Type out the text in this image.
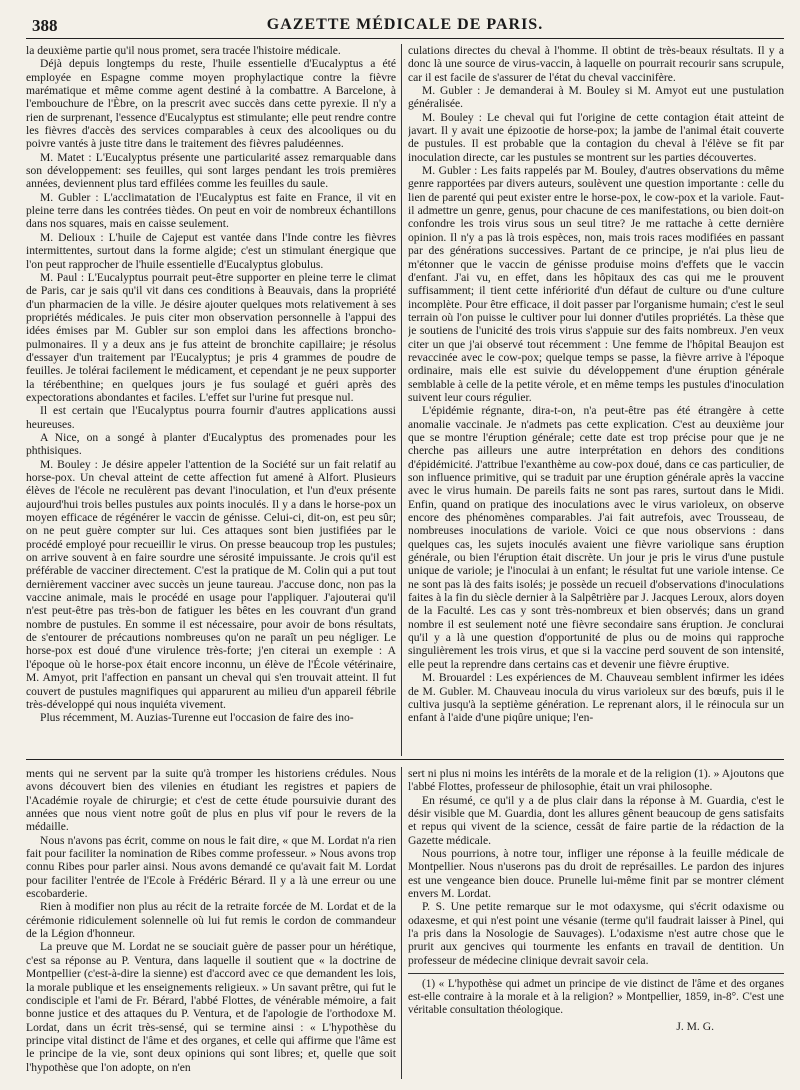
388	GAZETTE MÉDICALE DE PARIS.

la deuxième partie qu'il nous promet, sera tracée l'histoire médicale.

Déjà depuis longtemps du reste, l'huile essentielle d'Eucalyptus a été employée en Espagne comme moyen prophylactique contre la fièvre marématique et même comme agent destiné à la combattre. A Barcelone, à l'embouchure de l'Èbre, on la prescrit avec succès dans cette pyrexie. Il n'y a rien de surprenant, l'essence d'Eucalyptus est stimulante; elle peut rendre contre les fièvres d'accès des services comparables à ceux des alcooliques ou du poivre vantés à juste titre dans le traitement des fièvres paludéennes.

M. Matet : L'Eucalyptus présente une particularité assez remarquable dans son développement: ses feuilles, qui sont larges pendant les trois premières années, deviennent plus tard effilées comme les feuilles du saule.

M. Gubler : L'acclimatation de l'Eucalyptus est faite en France, il vit en pleine terre dans les contrées tièdes. On peut en voir de nombreux échantillons dans nos squares, mais en caisse seulement.

M. Delioux : L'huile de Cajeput est vantée dans l'Inde contre les fièvres intermittentes, surtout dans la forme algide; c'est un stimulant énergique que l'on peut rapprocher de l'huile essentielle d'Eucalyptus globulus.

M. Paul : L'Eucalyptus pourrait peut-être supporter en pleine terre le climat de Paris, car je sais qu'il vit dans ces conditions à Beauvais, dans la propriété d'un pharmacien de la ville. Je désire ajouter quelques mots relativement à ses propriétés médicales. Je puis citer mon observation personnelle à l'appui des idées émises par M. Gubler sur son emploi dans les affections broncho-pulmonaires. Il y a deux ans je fus atteint de bronchite capillaire; je résolus d'essayer d'un traitement par l'Eucalyptus; je pris 4 grammes de poudre de feuilles. Je tolérai facilement le médicament, et cependant je ne peux supporter la térébenthine; en quelques jours je fus soulagé et guéri après des expectorations abondantes et faciles. L'effet sur l'urine fut presque nul.

Il est certain que l'Eucalyptus pourra fournir d'autres applications aussi heureuses.

A Nice, on a songé à planter d'Eucalyptus des promenades pour les phthisiques.

M. Bouley : Je désire appeler l'attention de la Société sur un fait relatif au horse-pox. Un cheval atteint de cette affection fut amené à Alfort. Plusieurs élèves de l'école ne reculèrent pas devant l'inoculation, et l'un d'eux présente aujourd'hui trois belles pustules aux points inoculés. Il y a dans le horse-pox un moyen efficace de régénérer le vaccin de génisse. Celui-ci, dit-on, est peu sûr; on ne peut guère compter sur lui. Ces attaques sont bien justifiées par le procédé employé pour recueillir le virus. On presse beaucoup trop les pustules; on arrive souvent à en faire sourdre une sérosité impuissante. Je crois qu'il est préférable de vacciner directement. C'est la pratique de M. Colin qui a put tout dernièrement vacciner avec succès un jeune taureau. J'accuse donc, non pas la vaccine animale, mais le procédé en usage pour l'appliquer. J'ajouterai qu'il n'est peut-être pas très-bon de fatiguer les bêtes en les couvrant d'un grand nombre de pustules. En somme il est nécessaire, pour avoir de bons résultats, de s'entourer de précautions nombreuses qu'on ne paraît un peu négliger. Le horse-pox est doué d'une virulence très-forte; j'en citerai un exemple : A l'époque où le horse-pox était encore inconnu, un élève de l'École vétérinaire, M. Amyot, prit l'affection en pansant un cheval qui s'en trouvait atteint. Il fut couvert de pustules magnifiques qui apparurent au milieu d'un appareil fébrile très-développé qui nous inquiéta vivement.

Plus récemment, M. Auzias-Turenne eut l'occasion de faire des ino-

culations directes du cheval à l'homme. Il obtint de très-beaux résultats. Il y a donc là une source de virus-vaccin, à laquelle on pourrait recourir sans scrupule, car il est facile de s'assurer de l'état du cheval vaccinifère.

M. Gubler : Je demanderai à M. Bouley si M. Amyot eut une pustulation généralisée.

M. Bouley : Le cheval qui fut l'origine de cette contagion était atteint de javart. Il y avait une épizootie de horse-pox; la jambe de l'animal était couverte de pustules. Il est probable que la contagion du cheval à l'élève se fit par inoculation directe, car les pustules se montrent sur les parties découvertes.

M. Gubler : Les faits rappelés par M. Bouley, d'autres observations du même genre rapportées par divers auteurs, soulèvent une question importante : celle du lien de parenté qui peut exister entre le horse-pox, le cow-pox et la variole. Faut-il admettre un genre, genus, pour chacune de ces manifestations, ou bien doit-on confondre les trois virus sous un seul titre? Je me rattache à cette dernière opinion. Il n'y a pas là trois espèces, non, mais trois races modifiées en passant par des générations successives. Partant de ce principe, je n'ai plus lieu de m'étonner que le vaccin de génisse produise moins d'effets que le vaccin d'enfant. J'ai vu, en effet, dans les hôpitaux des cas qui me le prouvent suffisamment; il tient cette infériorité d'un défaut de culture ou d'une culture incomplète. Pour être efficace, il doit passer par l'organisme humain; c'est le seul terrain où l'on puisse le cultiver pour lui donner d'utiles propriétés. La thèse que je soutiens de l'unicité des trois virus s'appuie sur des faits nombreux. J'en veux citer un que j'ai observé tout récemment : Une femme de l'hôpital Beaujon est revaccinée avec le cow-pox; quelque temps se passe, la fièvre arrive à l'époque ordinaire, mais elle est suivie du développement d'une éruption générale semblable à celle de la petite vérole, et en même temps les pustules d'inoculation suivent leur cours régulier.

L'épidémie régnante, dira-t-on, n'a peut-être pas été étrangère à cette anomalie vaccinale. Je n'admets pas cette explication. C'est au deuxième jour que se montre l'éruption générale; cette date est trop précise pour que je ne cherche pas ailleurs une autre interprétation en dehors des conditions d'épidémicité. J'attribue l'exanthème au cow-pox doué, dans ce cas particulier, de son influence primitive, qui se traduit par une éruption générale après la vaccine avec le virus humain. De pareils faits ne sont pas rares, surtout dans le Midi. Enfin, quand on pratique des inoculations avec le virus varioleux, on observe encore des phénomènes comparables. J'ai fait autrefois, avec Trousseau, de nombreuses inoculations de variole. Voici ce que nous observions : dans quelques cas, les sujets inoculés avaient une fièvre variolique sans éruption générale, ou bien l'éruption était discrète. Un jour je pris le virus d'une pustule unique de variole; je l'inoculai à un enfant; le résultat fut une variole intense. Ce ne sont pas là des faits isolés; je possède un recueil d'observations d'inoculations faites à la fin du siècle dernier à la Salpêtrière par J. Jacques Leroux, alors doyen de la Faculté. Les cas y sont très-nombreux et bien observés; dans un grand nombre il est seulement noté une fièvre secondaire sans éruption. Je conclurai qu'il y a là une question d'opportunité de plus ou de moins qui rapproche singulièrement les trois virus, et que si la vaccine perd souvent de son intensité, elle peut la reprendre dans certains cas et devenir une fièvre éruptive.

M. Brouardel : Les expériences de M. Chauveau semblent infirmer les idées de M. Gubler. M. Chauveau inocula du virus varioleux sur des bœufs, puis il le cultiva jusqu'à la septième génération. Le reprenant alors, il le réinocula sur un enfant à l'aide d'une piqûre unique; l'en-

ments qui ne servent par la suite qu'à tromper les historiens crédules. Nous avons découvert bien des vilenies en étudiant les registres et papiers de l'Académie royale de chirurgie; et c'est de cette étude poursuivie durant des années que nous vient notre goût de plus en plus vif pour le revers de la médaille.

Nous n'avons pas écrit, comme on nous le fait dire, « que M. Lordat n'a rien fait pour faciliter la nomination de Ribes comme professeur. » Nous avons trop connu Ribes pour parler ainsi. Nous avons demandé ce qu'avait fait M. Lordat pour faciliter l'entrée de l'Ecole à Frédéric Bérard. Il y a là une erreur ou une escobarderie.

Rien à modifier non plus au récit de la retraite forcée de M. Lordat et de la cérémonie ridiculement solennelle où lui fut remis le cordon de commandeur de la Légion d'honneur.

La preuve que M. Lordat ne se souciait guère de passer pour un hérétique, c'est sa réponse au P. Ventura, dans laquelle il soutient que « la doctrine de Montpellier (c'est-à-dire la sienne) est d'accord avec ce que demandent les lois, la morale publique et les enseignements religieux. » Un savant prêtre, qui fut le condisciple et l'ami de Fr. Bérard, l'abbé Flottes, de vénérable mémoire, a fait bonne justice et des attaques du P. Ventura, et de l'apologie de l'orthodoxe M. Lordat, dans un écrit très-sensé, qui se termine ainsi : « L'hypothèse du principe vital distinct de l'âme et des organes, et celle qui affirme que l'âme est le principe de la vie, sont deux opinions qui sont libres; et, quelle que soit l'hypothèse que l'on adopte, on n'en

sert ni plus ni moins les intérêts de la morale et de la religion (1). » Ajoutons que l'abbé Flottes, professeur de philosophie, était un vrai philosophe.

En résumé, ce qu'il y a de plus clair dans la réponse à M. Guardia, c'est le désir visible que M. Guardia, dont les allures gênent beaucoup de gens satisfaits et repus qui vivent de la science, cessât de faire partie de la rédaction de la Gazette médicale.

Nous pourrions, à notre tour, infliger une réponse à la feuille médicale de Montpellier. Nous n'userons pas du droit de représailles. Le pardon des injures est une vengeance bien douce. Prunelle lui-même finit par se montrer clément envers M. Lordat.

P. S. Une petite remarque sur le mot odaxysme, qui s'écrit odaxisme ou odaxesme, et qui n'est point une vésanie (terme qu'il faudrait laisser à Pinel, qui l'a pris dans la Nosologie de Sauvages). L'odaxisme n'est autre chose que le prurit aux gencives qui tourmente les enfants en travail de dentition. Un professeur de médecine clinique devrait savoir cela.

(1) « L'hypothèse qui admet un principe de vie distinct de l'âme et des organes est-elle contraire à la morale et à la religion? » Montpellier, 1859, in-8°. C'est une véritable consultation théologique.

J. M. G.
